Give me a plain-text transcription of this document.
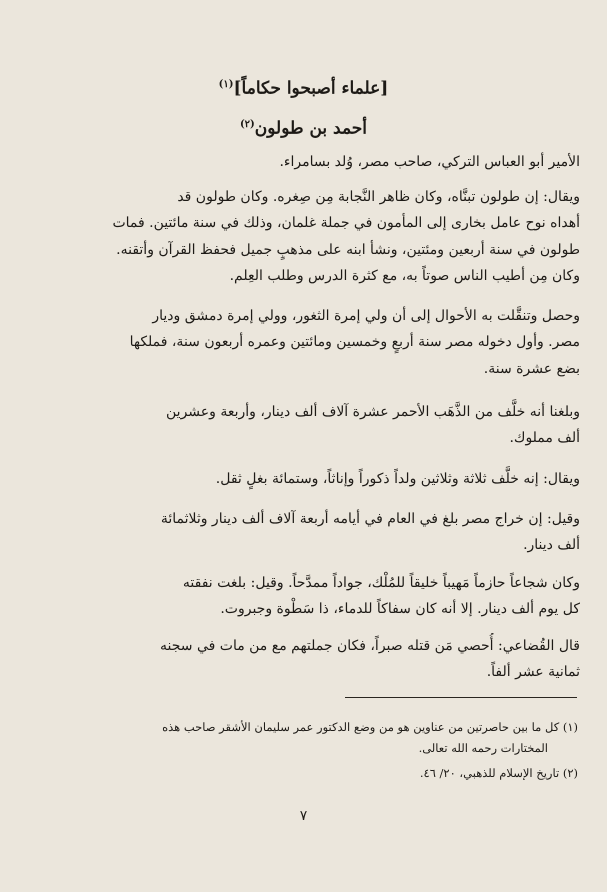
[علماء أصبحوا حكاماً]$^{(١)}$
أحمد بن طولون$^{(٢)}$

الأمير أبو العباس التركي، صاحب مصر، وُلد بسامراء.

ويقال: إن طولون تبنَّاه، وكان ظاهر النَّجابة مِن صِغره. وكان طولون قد
أهداه نوح عامل بخارى إلى المأمون في جملة غلمان، وذلك في سنة مائتين. فمات
طولون في سنة أربعين ومئتين، ونشأ ابنه على مذهبٍ جميل فحفظ القرآن وأتقنه.
وكان مِن أطيب الناس صوتاً به، مع كثرة الدرس وطلب العِلم.

وحصل وتنقَّلت به الأحوال إلى أن ولي إمرة الثغور، وولي إمرة دمشق وديار
مصر. وأول دخوله مصر سنة أربعٍ وخمسين ومائتين وعمره أربعون سنة، فملكها
بضع عشرة سنة.

وبلغنا أنه خلَّف من الذَّهَب الأحمر عشرة آلاف ألف دينار، وأربعة وعشرين
ألف مملوك.

ويقال: إنه خلَّف ثلاثة وثلاثين ولداً ذكوراً وإناثاً، وستمائة بغلٍ ثقل.

وقيل: إن خراج مصر بلغ في العام في أيامه أربعة آلاف ألف دينار وثلاثمائة
ألف دينار.

وكان شجاعاً حازماً مَهيباً خليقاً للمُلْك، جواداً ممدَّحاً. وقيل: بلغت نفقته
كل يوم ألف دينار. إلا أنه كان سفاكاً للدماء، ذا سَطْوة وجبروت.

قال القُضاعي: أُحصي مَن قتله صبراً، فكان جملتهم مع من مات في سجنه
ثمانية عشر ألفاً.

(١) كل ما بين حاصرتين من عناوين هو من وضع الدكتور عمر سليمان الأشقر صاحب هذه

المختارات رحمه الله تعالى.

(٢) تاريخ الإسلام للذهبي، ٢٠/ ٤٦.

٧
